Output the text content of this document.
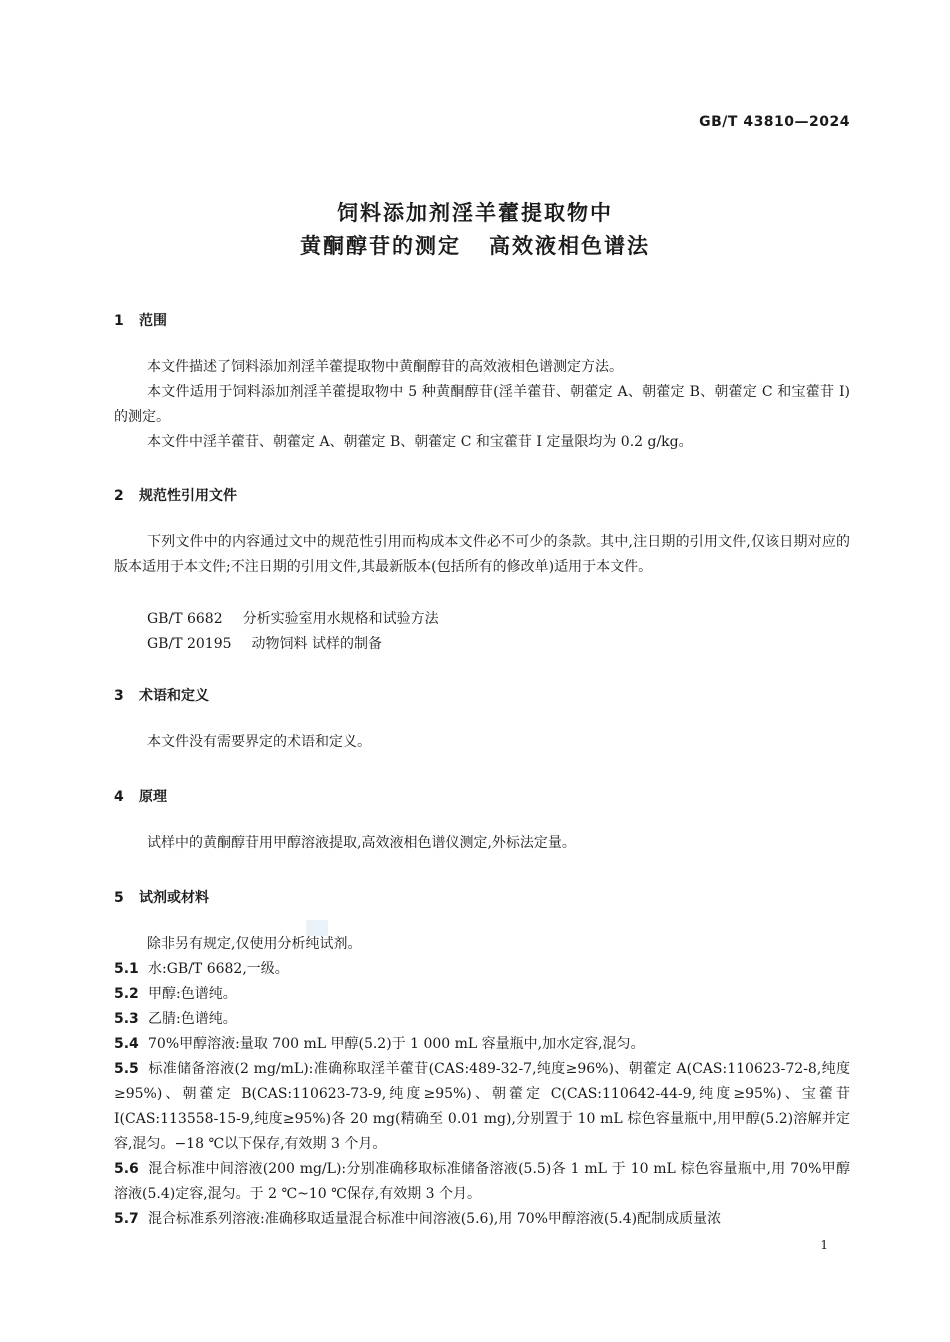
GB/T 43810—2024
饲料添加剂淫羊藿提取物中
黄酮醇苷的测定 高效液相色谱法
1 范围
本文件描述了饲料添加剂淫羊藿提取物中黄酮醇苷的高效液相色谱测定方法。
本文件适用于饲料添加剂淫羊藿提取物中 5 种黄酮醇苷(淫羊藿苷、朝藿定 A、朝藿定 B、朝藿定 C 和宝藿苷 I)的测定。
本文件中淫羊藿苷、朝藿定 A、朝藿定 B、朝藿定 C 和宝藿苷 I 定量限均为 0.2 g/kg。
2 规范性引用文件
下列文件中的内容通过文中的规范性引用而构成本文件必不可少的条款。其中,注日期的引用文件,仅该日期对应的版本适用于本文件;不注日期的引用文件,其最新版本(包括所有的修改单)适用于本文件。
GB/T 6682 分析实验室用水规格和试验方法
GB/T 20195 动物饲料 试样的制备
3 术语和定义
本文件没有需要界定的术语和定义。
4 原理
试样中的黄酮醇苷用甲醇溶液提取,高效液相色谱仪测定,外标法定量。
5 试剂或材料
除非另有规定,仅使用分析纯试剂。
5.1 水:GB/T 6682,一级。
5.2 甲醇:色谱纯。
5.3 乙腈:色谱纯。
5.4 70%甲醇溶液:量取 700 mL 甲醇(5.2)于 1 000 mL 容量瓶中,加水定容,混匀。
5.5 标准储备溶液(2 mg/mL):准确称取淫羊藿苷(CAS:489-32-7,纯度≥96%)、朝藿定 A(CAS:110623-72-8,纯度≥95%)、朝藿定 B(CAS:110623-73-9,纯度≥95%)、朝藿定 C(CAS:110642-44-9,纯度≥95%)、宝藿苷 I(CAS:113558-15-9,纯度≥95%)各 20 mg(精确至 0.01 mg),分别置于 10 mL 棕色容量瓶中,用甲醇(5.2)溶解并定容,混匀。−18 ℃以下保存,有效期 3 个月。
5.6 混合标准中间溶液(200 mg/L):分别准确移取标准储备溶液(5.5)各 1 mL 于 10 mL 棕色容量瓶中,用 70%甲醇溶液(5.4)定容,混匀。于 2 ℃~10 ℃保存,有效期 3 个月。
5.7 混合标准系列溶液:准确移取适量混合标准中间溶液(5.6),用 70%甲醇溶液(5.4)配制成质量浓
1
